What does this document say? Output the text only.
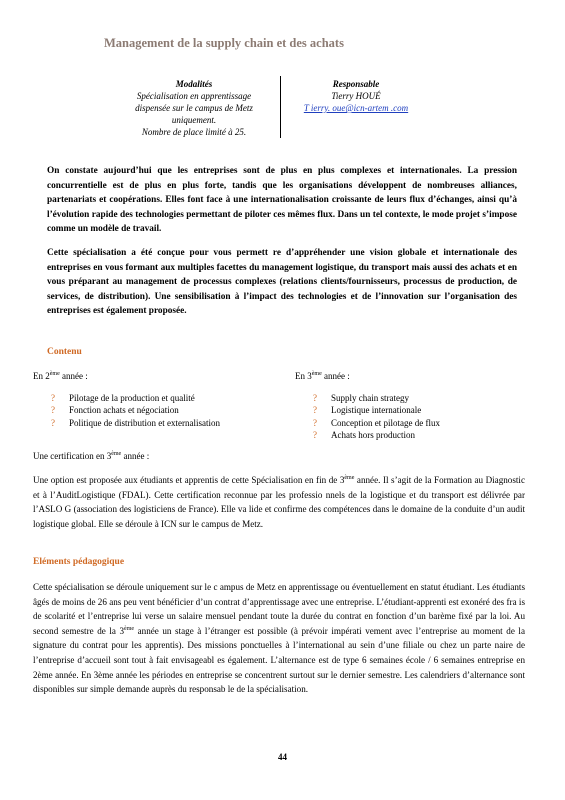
Management de la supply chain et des achats
Modalités
Spécialisation en apprentissage
dispensée sur le campus de Metz
uniquement.
Nombre de place limité à 25.
Responsable
Tierry HOUÉ
T ierry. oue@icn-artem .com

On constate aujourd’hui que les entreprises sont de plus en plus complexes et internationales. La pression concurrentielle est de plus en plus forte, tandis que les organisations développent de nombreuses alliances, partenariats et coopérations. Elles font face à une internationalisation croissante de leurs flux d’échanges, ainsi qu’à l’évolution rapide des technologies permettant de piloter ces mêmes flux. Dans un tel contexte, le mode projet s’impose comme un modèle de travail.

Cette spécialisation a été conçue pour vous permett re d’appréhender une vision globale et internationale des entreprises en vous formant aux multiples facettes du management logistique, du transport mais aussi des achats et en vous préparant au management de processus complexes (relations clients/fournisseurs, processus de production, de services, de distribution). Une sensibilisation à l’impact des technologies et de l’innovation sur l’organisation des entreprises est également proposée.

Contenu
En 2ème année :
? Pilotage de la production et qualité
? Fonction achats et négociation
? Politique de distribution et externalisation
En 3ème année :
? Supply chain strategy
? Logistique internationale
? Conception et pilotage de flux
? Achats hors production
Une certification en 3ème année :
Une option est proposée aux étudiants et apprentis de cette Spécialisation en fin de 3ème année. Il s’agit de la Formation au Diagnostic et à l’AuditLogistique (FDAL). Cette certification reconnue par les professio nnels de la logistique et du transport est délivrée par l’ASLO G (association des logisticiens de France). Elle va lide et confirme des compétences dans le domaine de la conduite d’un audit logistique global. Elle se déroule à ICN sur le campus de Metz.
Eléments pédagogique
Cette spécialisation se déroule uniquement sur le c ampus de Metz en apprentissage ou éventuellement en statut étudiant. Les étudiants âgés de moins de 26 ans peu vent bénéficier d’un contrat d’apprentissage avec une entreprise. L’étudiant-apprenti est exonéré des fra is de scolarité et l’entreprise lui verse un salaire mensuel pendant toute la durée du contrat en fonction d’un barème fixé par la loi. Au second semestre de la 3ème année un stage à l’étranger est possible (à prévoir impérati vement avec l’entreprise au moment de la signature du contrat pour les apprentis). Des missions ponctuelles à l’international au sein d’une filiale ou chez un parte naire de l’entreprise d’accueil sont tout à fait envisageabl es également. L’alternance est de type 6 semaines école / 6 semaines entreprise en 2ème année. En 3ème année les périodes en entreprise se concentrent surtout sur le dernier semestre. Les calendriers d’alternance sont disponibles sur simple demande auprès du responsab le de la spécialisation.
44
